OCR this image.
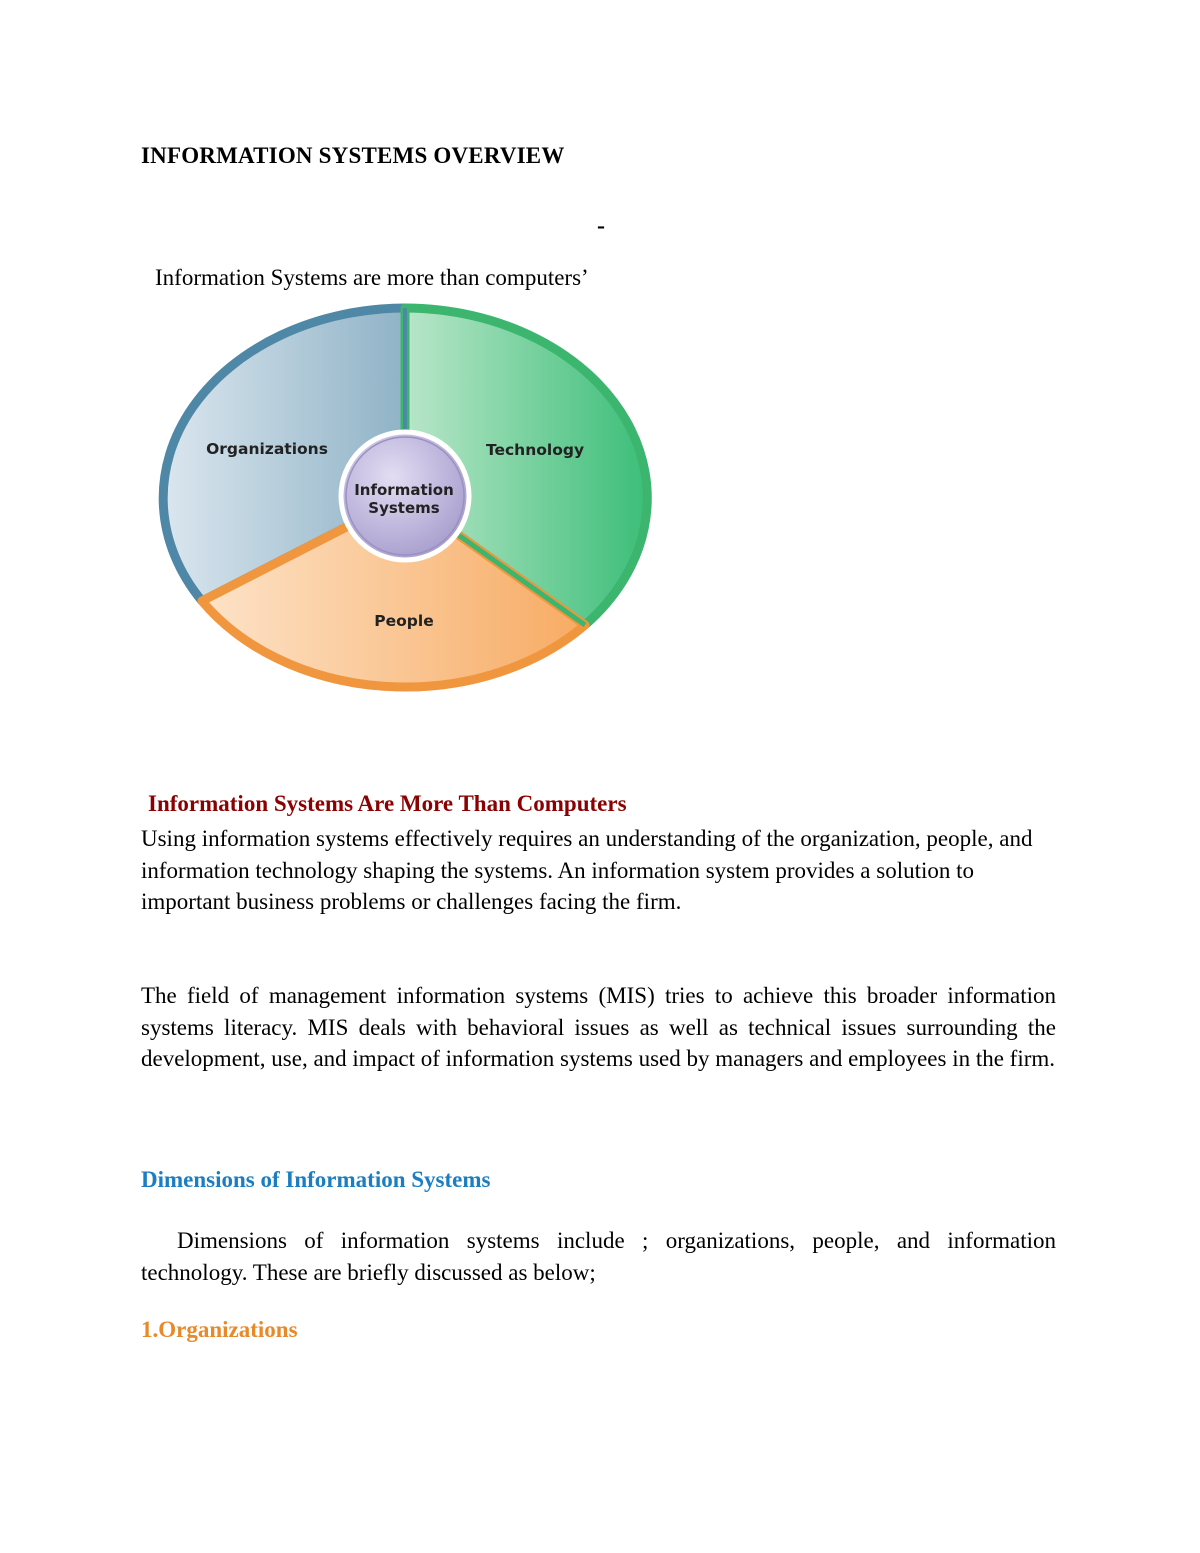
INFORMATION SYSTEMS OVERVIEW
-
Information Systems are more than computers’
Organizations	Technology
People
Information
Systems
Information Systems Are More Than Computers

Using information systems effectively requires an understanding of the organization, people, and information technology shaping the systems. An information system provides a solution to important business problems or challenges facing the firm.

The field of management information systems (MIS) tries to achieve this broader information systems literacy. MIS deals with behavioral issues as well as technical issues surrounding the development, use, and impact of information systems used by managers and employees in the firm.

Dimensions of Information Systems

Dimensions of information systems include ; organizations, people, and information technology. These are briefly discussed as below;

1.Organizations
